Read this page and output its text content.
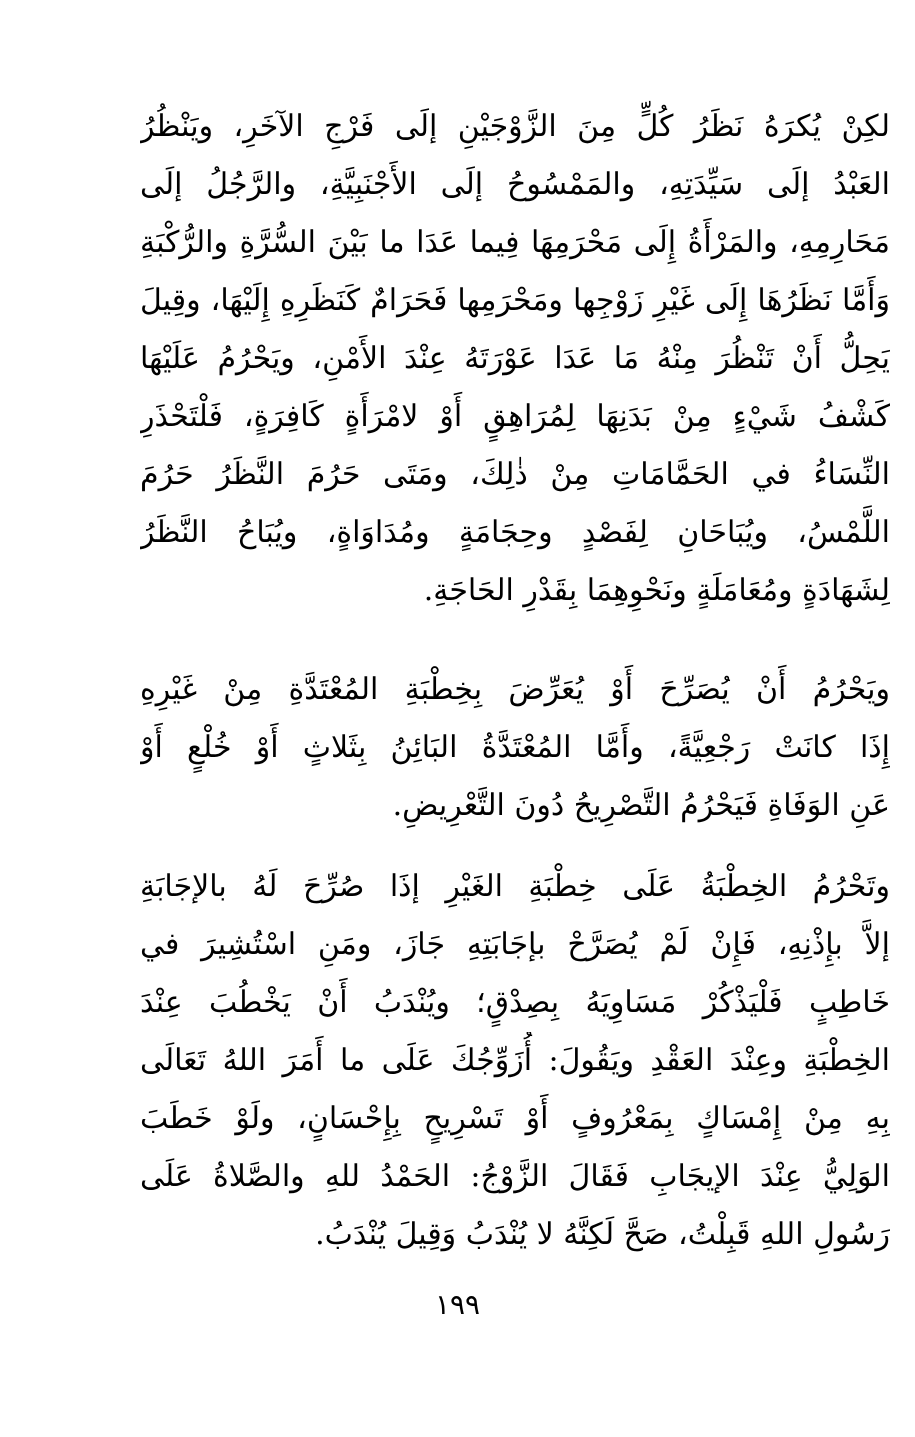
لكِنْ يُكرَهُ نَظَرُ كُلٍّ مِنَ الزَّوْجَيْنِ إلَى فَرْجِ الآخَرِ، ويَنْظُرُ
العَبْدُ إلَى سَيِّدَتِهِ، والمَمْسُوحُ إلَى الأَجْنَبِيَّةِ، والرَّجُلُ إلَى
مَحَارِمِهِ، والمَرْأَةُ إِلَى مَحْرَمِهَا فِيما عَدَا ما بَيْنَ السُّرَّةِ والرُّكْبَةِ
وَأَمَّا نَظَرُهَا إِلَى غَيْرِ زَوْجِها ومَحْرَمِها فَحَرَامٌ كَنَظَرِهِ إِلَيْهَا، وقِيلَ
يَحِلُّ أَنْ تَنْظُرَ مِنْهُ مَا عَدَا عَوْرَتَهُ عِنْدَ الأَمْنِ، ويَحْرُمُ عَلَيْهَا
كَشْفُ شَيْءٍ مِنْ بَدَنِهَا لِمُرَاهِقٍ أَوْ لامْرَأَةٍ كَافِرَةٍ، فَلْتَحْذَرِ
النِّسَاءُ في الحَمَّامَاتِ مِنْ ذٰلِكَ، ومَتَى حَرُمَ النَّظَرُ حَرُمَ
اللَّمْسُ، ويُبَاحَانِ لِفَصْدٍ وحِجَامَةٍ ومُدَاوَاةٍ، ويُبَاحُ النَّظَرُ
لِشَهَادَةٍ ومُعَامَلَةٍ ونَحْوِهِمَا بِقَدْرِ الحَاجَةِ.
ويَحْرُمُ أَنْ يُصَرِّحَ أَوْ يُعَرِّضَ بِخِطْبَةِ المُعْتَدَّةِ مِنْ غَيْرِهِ
إِذَا كانَتْ رَجْعِيَّةً، وأَمَّا المُعْتَدَّةُ البَائِنُ بِثَلاثٍ أَوْ خُلْعٍ أَوْ
عَنِ الوَفَاةِ فَيَحْرُمُ التَّصْرِيحُ دُونَ التَّعْرِيضِ.
وتَحْرُمُ الخِطْبَةُ عَلَى خِطْبَةِ الغَيْرِ إذَا صُرِّحَ لَهُ بالإجَابَةِ
إلاَّ بإِذْنِهِ، فَإِنْ لَمْ يُصَرَّحْ بإجَابَتِهِ جَازَ، ومَنِ اسْتُشِيرَ في
خَاطِبٍ فَلْيَذْكُرْ مَسَاوِيَهُ بِصِدْقٍ؛ ويُنْدَبُ أَنْ يَخْطُبَ عِنْدَ
الخِطْبَةِ وعِنْدَ العَقْدِ ويَقُولَ: أُزَوِّجُكَ عَلَى ما أَمَرَ اللهُ تَعَالَى
بِهِ مِنْ إِمْسَاكٍ بِمَعْرُوفٍ أَوْ تَسْرِيحٍ بِإِحْسَانٍ، ولَوْ خَطَبَ
الوَلِيُّ عِنْدَ الإيجَابِ فَقَالَ الزَّوْجُ: الحَمْدُ للهِ والصَّلاةُ عَلَى
رَسُولِ اللهِ قَبِلْتُ، صَحَّ لَكِنَّهُ لا يُنْدَبُ وَقِيلَ يُنْدَبُ.
١٩٩
